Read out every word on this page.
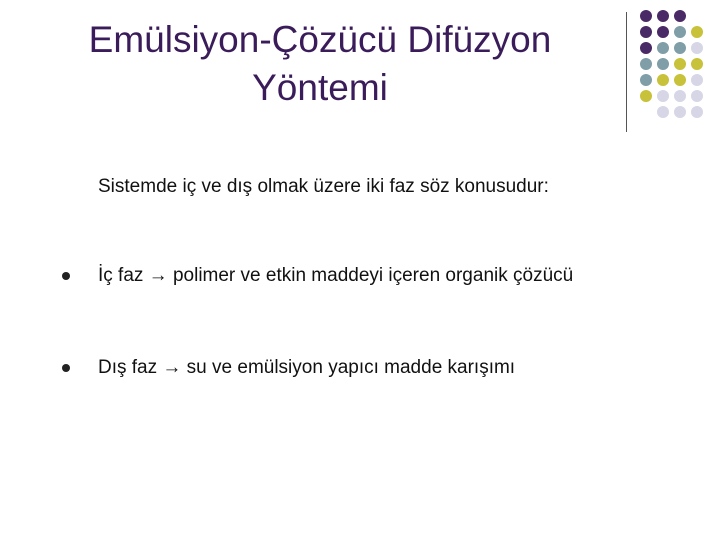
Emülsiyon-Çözücü Difüzyon Yöntemi
Sistemde iç ve dış olmak üzere iki faz söz konusudur:
İç faz → polimer ve etkin maddeyi içeren organik çözücü
Dış faz → su ve emülsiyon yapıcı madde karışımı
